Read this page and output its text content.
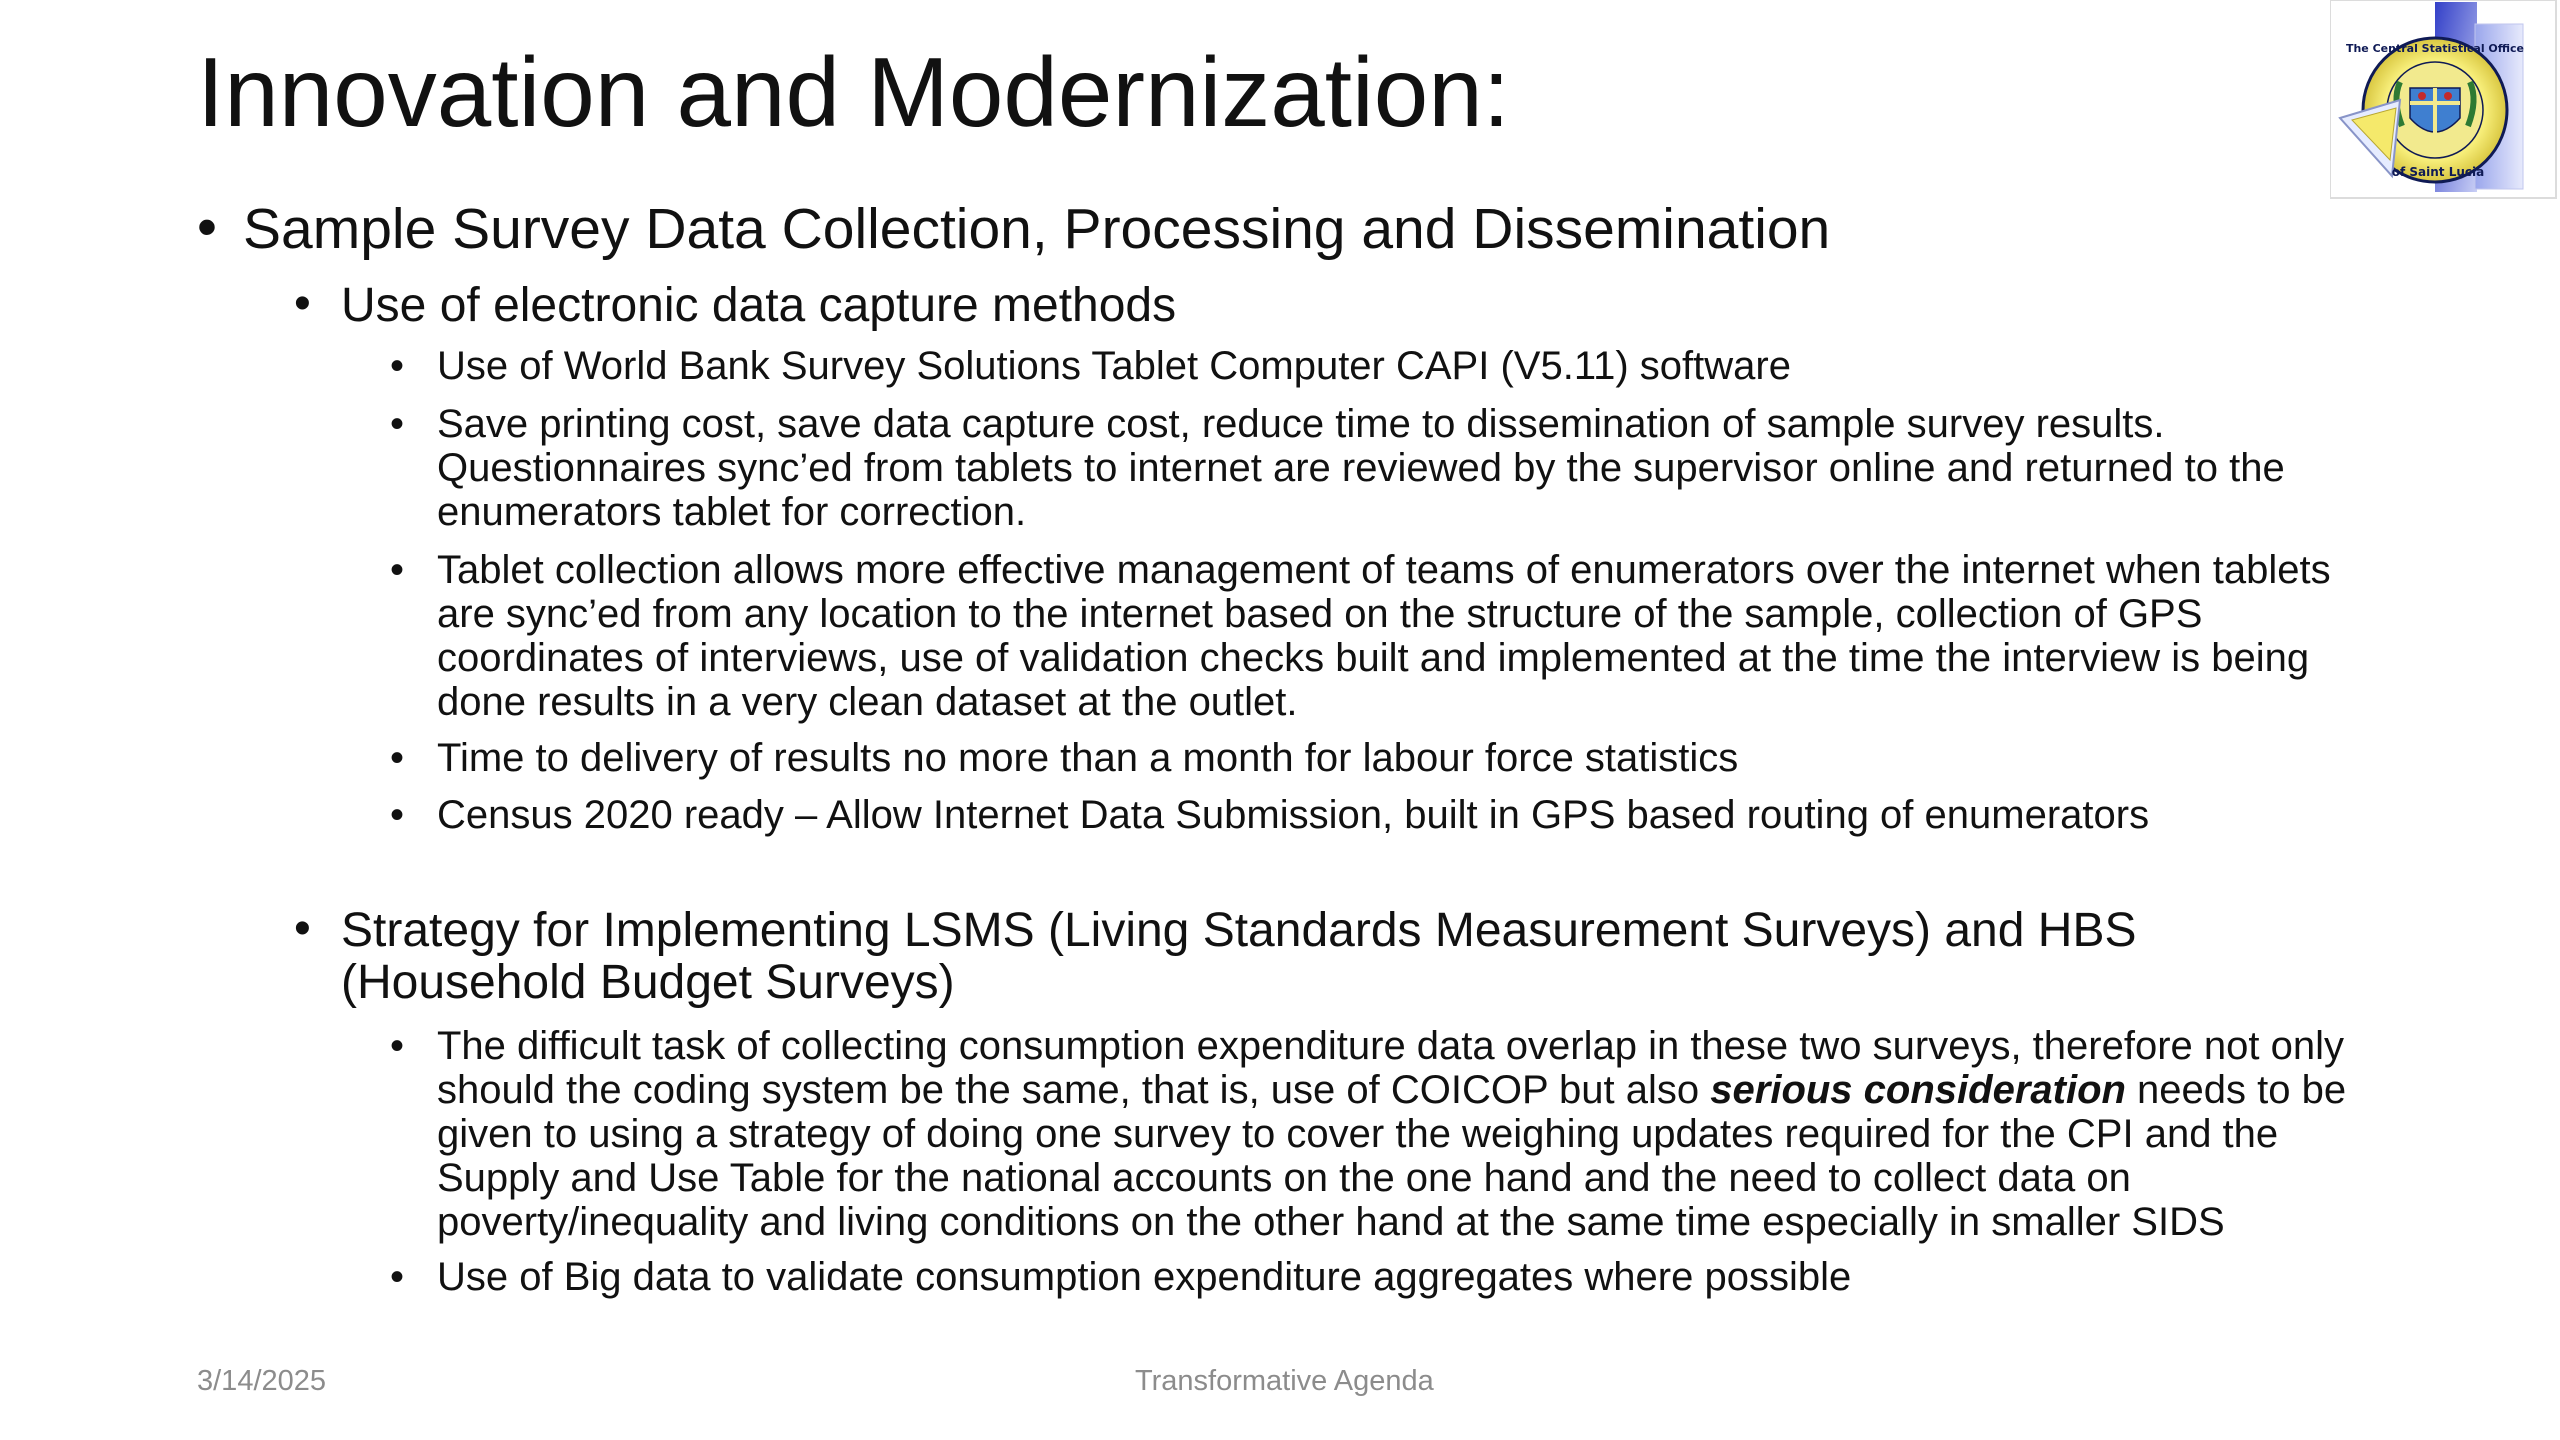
Innovation and Modernization:	The Central Statistical Office
of Saint Lucia
• Sample Survey Data Collection, Processing and Dissemination
• Use of electronic data capture methods
• Use of World Bank Survey Solutions Tablet Computer CAPI (V5.11) software
• Save printing cost, save data capture cost, reduce time to dissemination of sample survey results. Questionnaires sync’ed from tablets to internet are reviewed by the supervisor online and returned to the enumerators tablet for correction.
• Tablet collection allows more effective management of teams of enumerators over the internet when tablets are sync’ed from any location to the internet based on the structure of the sample, collection of GPS coordinates of interviews, use of validation checks built and implemented at the time the interview is being done results in a very clean dataset at the outlet.
• Time to delivery of results no more than a month for labour force statistics
• Census 2020 ready – Allow Internet Data Submission, built in GPS based routing of enumerators
• Strategy for Implementing LSMS (Living Standards Measurement Surveys) and HBS (Household Budget Surveys)
• The difficult task of collecting consumption expenditure data overlap in these two surveys, therefore not only should the coding system be the same, that is, use of COICOP but also serious consideration needs to be given to using a strategy of doing one survey to cover the weighing updates required for the CPI and the Supply and Use Table for the national accounts on the one hand and the need to collect data on poverty/inequality and living conditions on the other hand at the same time especially in smaller SIDS
• Use of Big data to validate consumption expenditure aggregates where possible
3/14/2025	Transformative Agenda
